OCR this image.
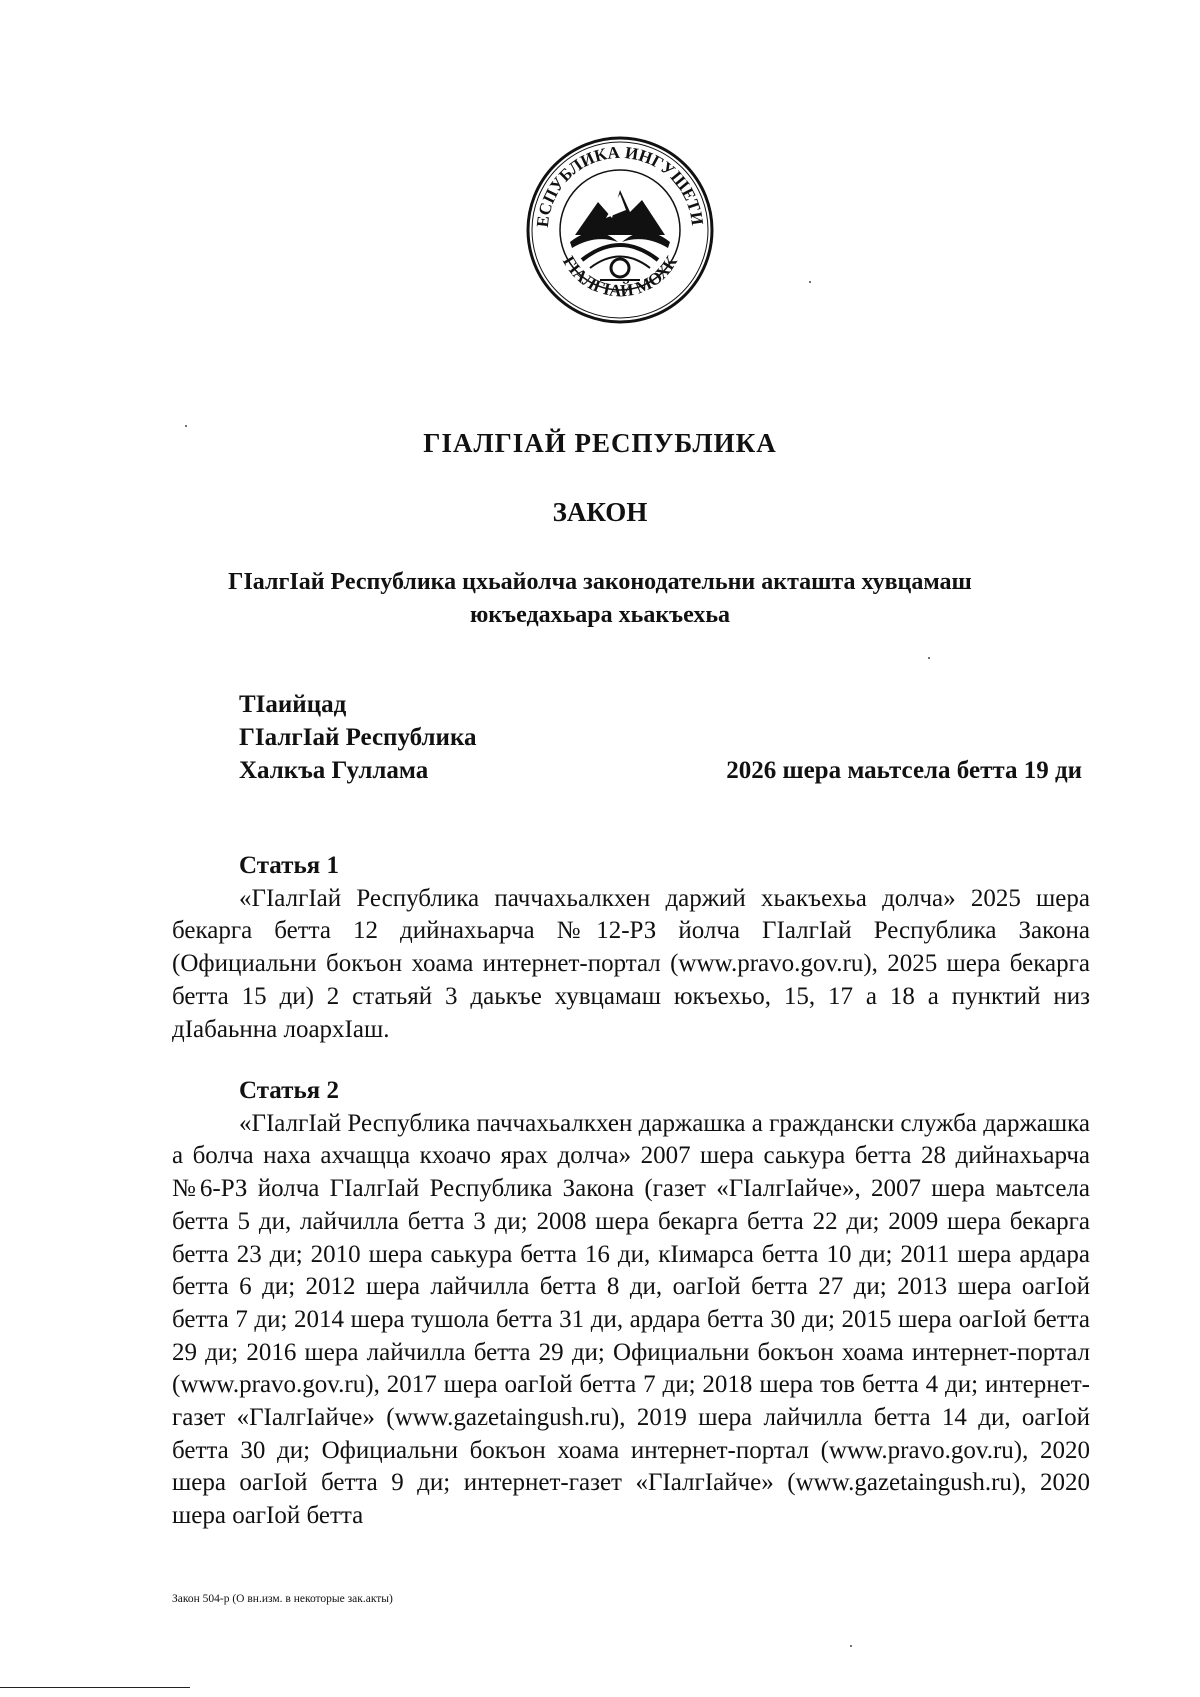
ЕСПУБЛИКА ИНГУШЕТИ
ГIАЛГIАЙ МОХК
ГIАЛГIАЙ РЕСПУБЛИКА
ЗАКОН
ГIалгIай Республика цхьайолча законодательни акташта хувцамаш
юкъедахьара хьакъехьа
ТIаийцад
ГIалгIай Республика
Халкъа Гуллама	2026 шера маьтсела бетта 19 ди
Статья 1

«ГIалгIай Республика паччахьалкхен даржий хьакъехьа долча» 2025 шера бекарга бетта 12 дийнахьарча №12-РЗ йолча ГIалгIай Республика Закона (Официальни бокъон хоама интернет-портал (www.pravo.gov.ru), 2025 шера бекарга бетта 15 ди) 2 статьяй 3 даькъе хувцамаш юкъехьо, 15, 17 а 18 а пунктий низ дIабаьнна лоархIаш.

Статья 2

«ГIалгIай Республика паччахьалкхен даржашка а граждански служба даржашка а болча наха ахчащца кхоачо ярах долча» 2007 шера саькура бетта 28 дийнахьарча №6-РЗ йолча ГIалгIай Республика Закона (газет «ГIалгIайче», 2007 шера маьтсела бетта 5 ди, лайчилла бетта 3 ди; 2008 шера бекарга бетта 22 ди; 2009 шера бекарга бетта 23 ди; 2010 шера саькура бетта 16 ди, кIимарса бетта 10 ди; 2011 шера ардара бетта 6 ди; 2012 шера лайчилла бетта 8 ди, оагIой бетта 27 ди; 2013 шера оагIой бетта 7 ди; 2014 шера тушола бетта 31 ди, ардара бетта 30 ди; 2015 шера оагIой бетта 29 ди; 2016 шера лайчилла бетта 29 ди; Официальни бокъон хоама интернет-портал (www.pravo.gov.ru), 2017 шера оагIой бетта 7 ди; 2018 шера тов бетта 4 ди; интернет-газет «ГIалгIайче» (www.gazetaingush.ru), 2019 шера лайчилла бетта 14 ди, оагIой бетта 30 ди; Официальни бокъон хоама интернет-портал (www.pravo.gov.ru), 2020 шера оагIой бетта 9 ди; интернет-газет «ГIалгIайче» (www.gazetaingush.ru), 2020 шера оагIой бетта

Закон 504-р (О вн.изм. в некоторые зак.акты)
